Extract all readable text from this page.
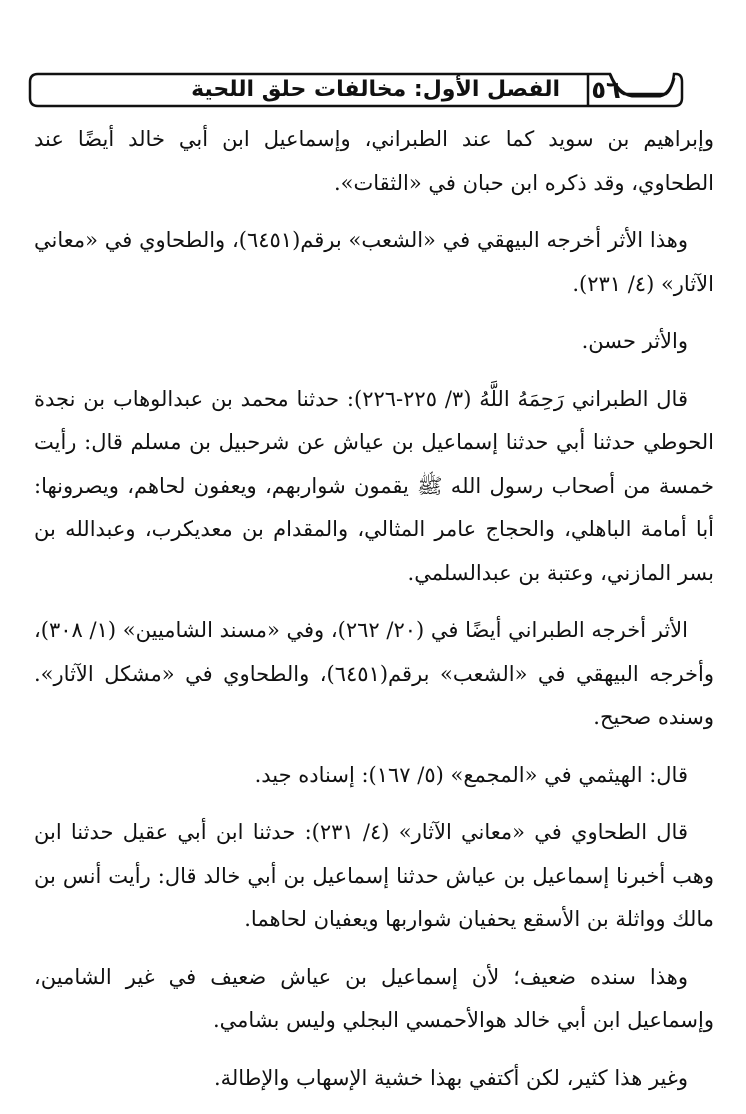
الفصل الأول: مخالفات حلق اللحية	٥٦

وإبراهيم بن سويد كما عند الطبراني، وإسماعيل ابن أبي خالد أيضًا عند الطحاوي، وقد ذكره ابن حبان في «الثقات».

وهذا الأثر أخرجه البيهقي في «الشعب» برقم(٦٤٥١)، والطحاوي في «معاني الآثار» (٤/ ٢٣١).

والأثر حسن.

قال الطبراني رَحِمَهُ اللَّهُ (٣/ ٢٢٥-٢٢٦): حدثنا محمد بن عبدالوهاب بن نجدة الحوطي حدثنا أبي حدثنا إسماعيل بن عياش عن شرحبيل بن مسلم قال: رأيت خمسة من أصحاب رسول الله ﷺ يقمون شواربهم، ويعفون لحاهم، ويصرونها: أبا أمامة الباهلي، والحجاج عامر المثالي، والمقدام بن معديكرب، وعبدالله بن بسر المازني، وعتبة بن عبدالسلمي.

الأثر أخرجه الطبراني أيضًا في (٢٠/ ٢٦٢)، وفي «مسند الشاميين» (١/ ٣٠٨)، وأخرجه البيهقي في «الشعب» برقم(٦٤٥١)، والطحاوي في «مشكل الآثار». وسنده صحيح.

قال: الهيثمي في «المجمع» (٥/ ١٦٧): إسناده جيد.

قال الطحاوي في «معاني الآثار» (٤/ ٢٣١): حدثنا ابن أبي عقيل حدثنا ابن وهب أخبرنا إسماعيل بن عياش حدثنا إسماعيل بن أبي خالد قال: رأيت أنس بن مالك وواثلة بن الأسقع يحفيان شواربها ويعفيان لحاهما.

وهذا سنده ضعيف؛ لأن إسماعيل بن عياش ضعيف في غير الشامين، وإسماعيل ابن أبي خالد هوالأحمسي البجلي وليس بشامي.

وغير هذا كثير، لكن أكتفي بهذا خشية الإسهاب والإطالة.
